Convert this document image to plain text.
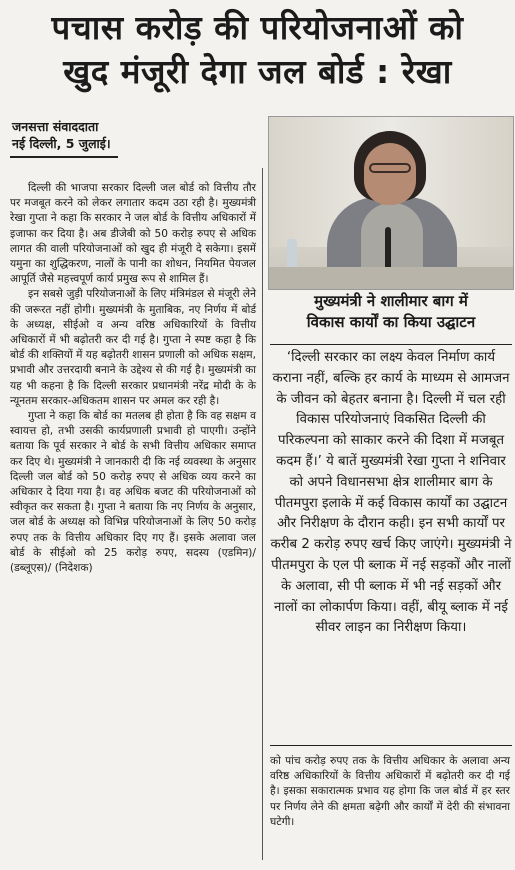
पचास करोड़ की परियोजनाओं को
खुद मंजूरी देगा जल बोर्ड : रेखा
जनसत्ता संवाददाता
नई दिल्ली, 5 जुलाई।

दिल्ली की भाजपा सरकार दिल्ली जल बोर्ड को वित्तीय तौर पर मजबूत करने को लेकर लगातार कदम उठा रही है। मुख्यमंत्री रेखा गुप्ता ने कहा कि सरकार ने जल बोर्ड के वित्तीय अधिकारों में इजाफा कर दिया है। अब डीजेबी को 50 करोड़ रुपए से अधिक लागत की वाली परियोजनाओं को खुद ही मंजूरी दे सकेगा। इसमें यमुना का शुद्धिकरण, नालों के पानी का शोधन, नियमित पेयजल आपूर्ति जैसे महत्त्वपूर्ण कार्य प्रमुख रूप से शामिल हैं।

इन सबसे जुड़ी परियोजनाओं के लिए मंत्रिमंडल से मंजूरी लेने की जरूरत नहीं होगी। मुख्यमंत्री के मुताबिक, नए निर्णय में बोर्ड के अध्यक्ष, सीईओ व अन्य वरिष्ठ अधिकारियों के वित्तीय अधिकारों में भी बढ़ोतरी कर दी गई है। गुप्ता ने स्पष्ट कहा है कि बोर्ड की शक्तियों में यह बढ़ोतरी शासन प्रणाली को अधिक सक्षम, प्रभावी और उत्तरदायी बनाने के उद्देश्य से की गई है। मुख्यमंत्री का यह भी कहना है कि दिल्ली सरकार प्रधानमंत्री नरेंद्र मोदी के के न्यूनतम सरकार-अधिकतम शासन पर अमल कर रही है।

गुप्ता ने कहा कि बोर्ड का मतलब ही होता है कि वह सक्षम व स्वायत्त हो, तभी उसकी कार्यप्रणाली प्रभावी हो पाएगी। उन्होंने बताया कि पूर्व सरकार ने बोर्ड के सभी वित्तीय अधिकार समाप्त कर दिए थे। मुख्यमंत्री ने जानकारी दी कि नई व्यवस्था के अनुसार दिल्ली जल बोर्ड को 50 करोड़ रुपए से अधिक व्यय करने का अधिकार दे दिया गया है। वह अधिक बजट की परियोजनाओं को स्वीकृत कर सकता है। गुप्ता ने बताया कि नए निर्णय के अनुसार, जल बोर्ड के अध्यक्ष को विभिन्न परियोजनाओं के लिए 50 करोड़ रुपए तक के वित्तीय अधिकार दिए गए हैं। इसके अलावा जल बोर्ड के सीईओ को 25 करोड़ रुपए, सदस्य (एडमिन)/ (डब्लूएस)/ (निदेशक)

मुख्यमंत्री ने शालीमार बाग में
विकास कार्यों का किया उद्घाटन
‘दिल्ली सरकार का लक्ष्य केवल निर्माण कार्य कराना नहीं, बल्कि हर कार्य के माध्यम से आमजन के जीवन को बेहतर बनाना है। दिल्ली में चल रही विकास परियोजनाएं विकसित दिल्ली की परिकल्पना को साकार करने की दिशा में मजबूत कदम हैं।’ ये बातें मुख्यमंत्री रेखा गुप्ता ने शनिवार को अपने विधानसभा क्षेत्र शालीमार बाग के पीतमपुरा इलाके में कई विकास कार्यों का उद्घाटन और निरीक्षण के दौरान कही। इन सभी कार्यों पर करीब 2 करोड़ रुपए खर्च किए जाएंगे। मुख्यमंत्री ने पीतमपुरा के एल पी ब्लाक में नई सड़कों और नालों के अलावा, सी पी ब्लाक में भी नई सड़कों और नालों का लोकार्पण किया। वहीं, बीयू ब्लाक में नई सीवर लाइन का निरीक्षण किया।
को पांच करोड़ रुपए तक के वित्तीय अधिकार के अलावा अन्य वरिष्ठ अधिकारियों के वित्तीय अधिकारों में बढ़ोतरी कर दी गई है। इसका सकारात्मक प्रभाव यह होगा कि जल बोर्ड में हर स्तर पर निर्णय लेने की क्षमता बढ़ेगी और कार्यों में देरी की संभावना घटेगी।
